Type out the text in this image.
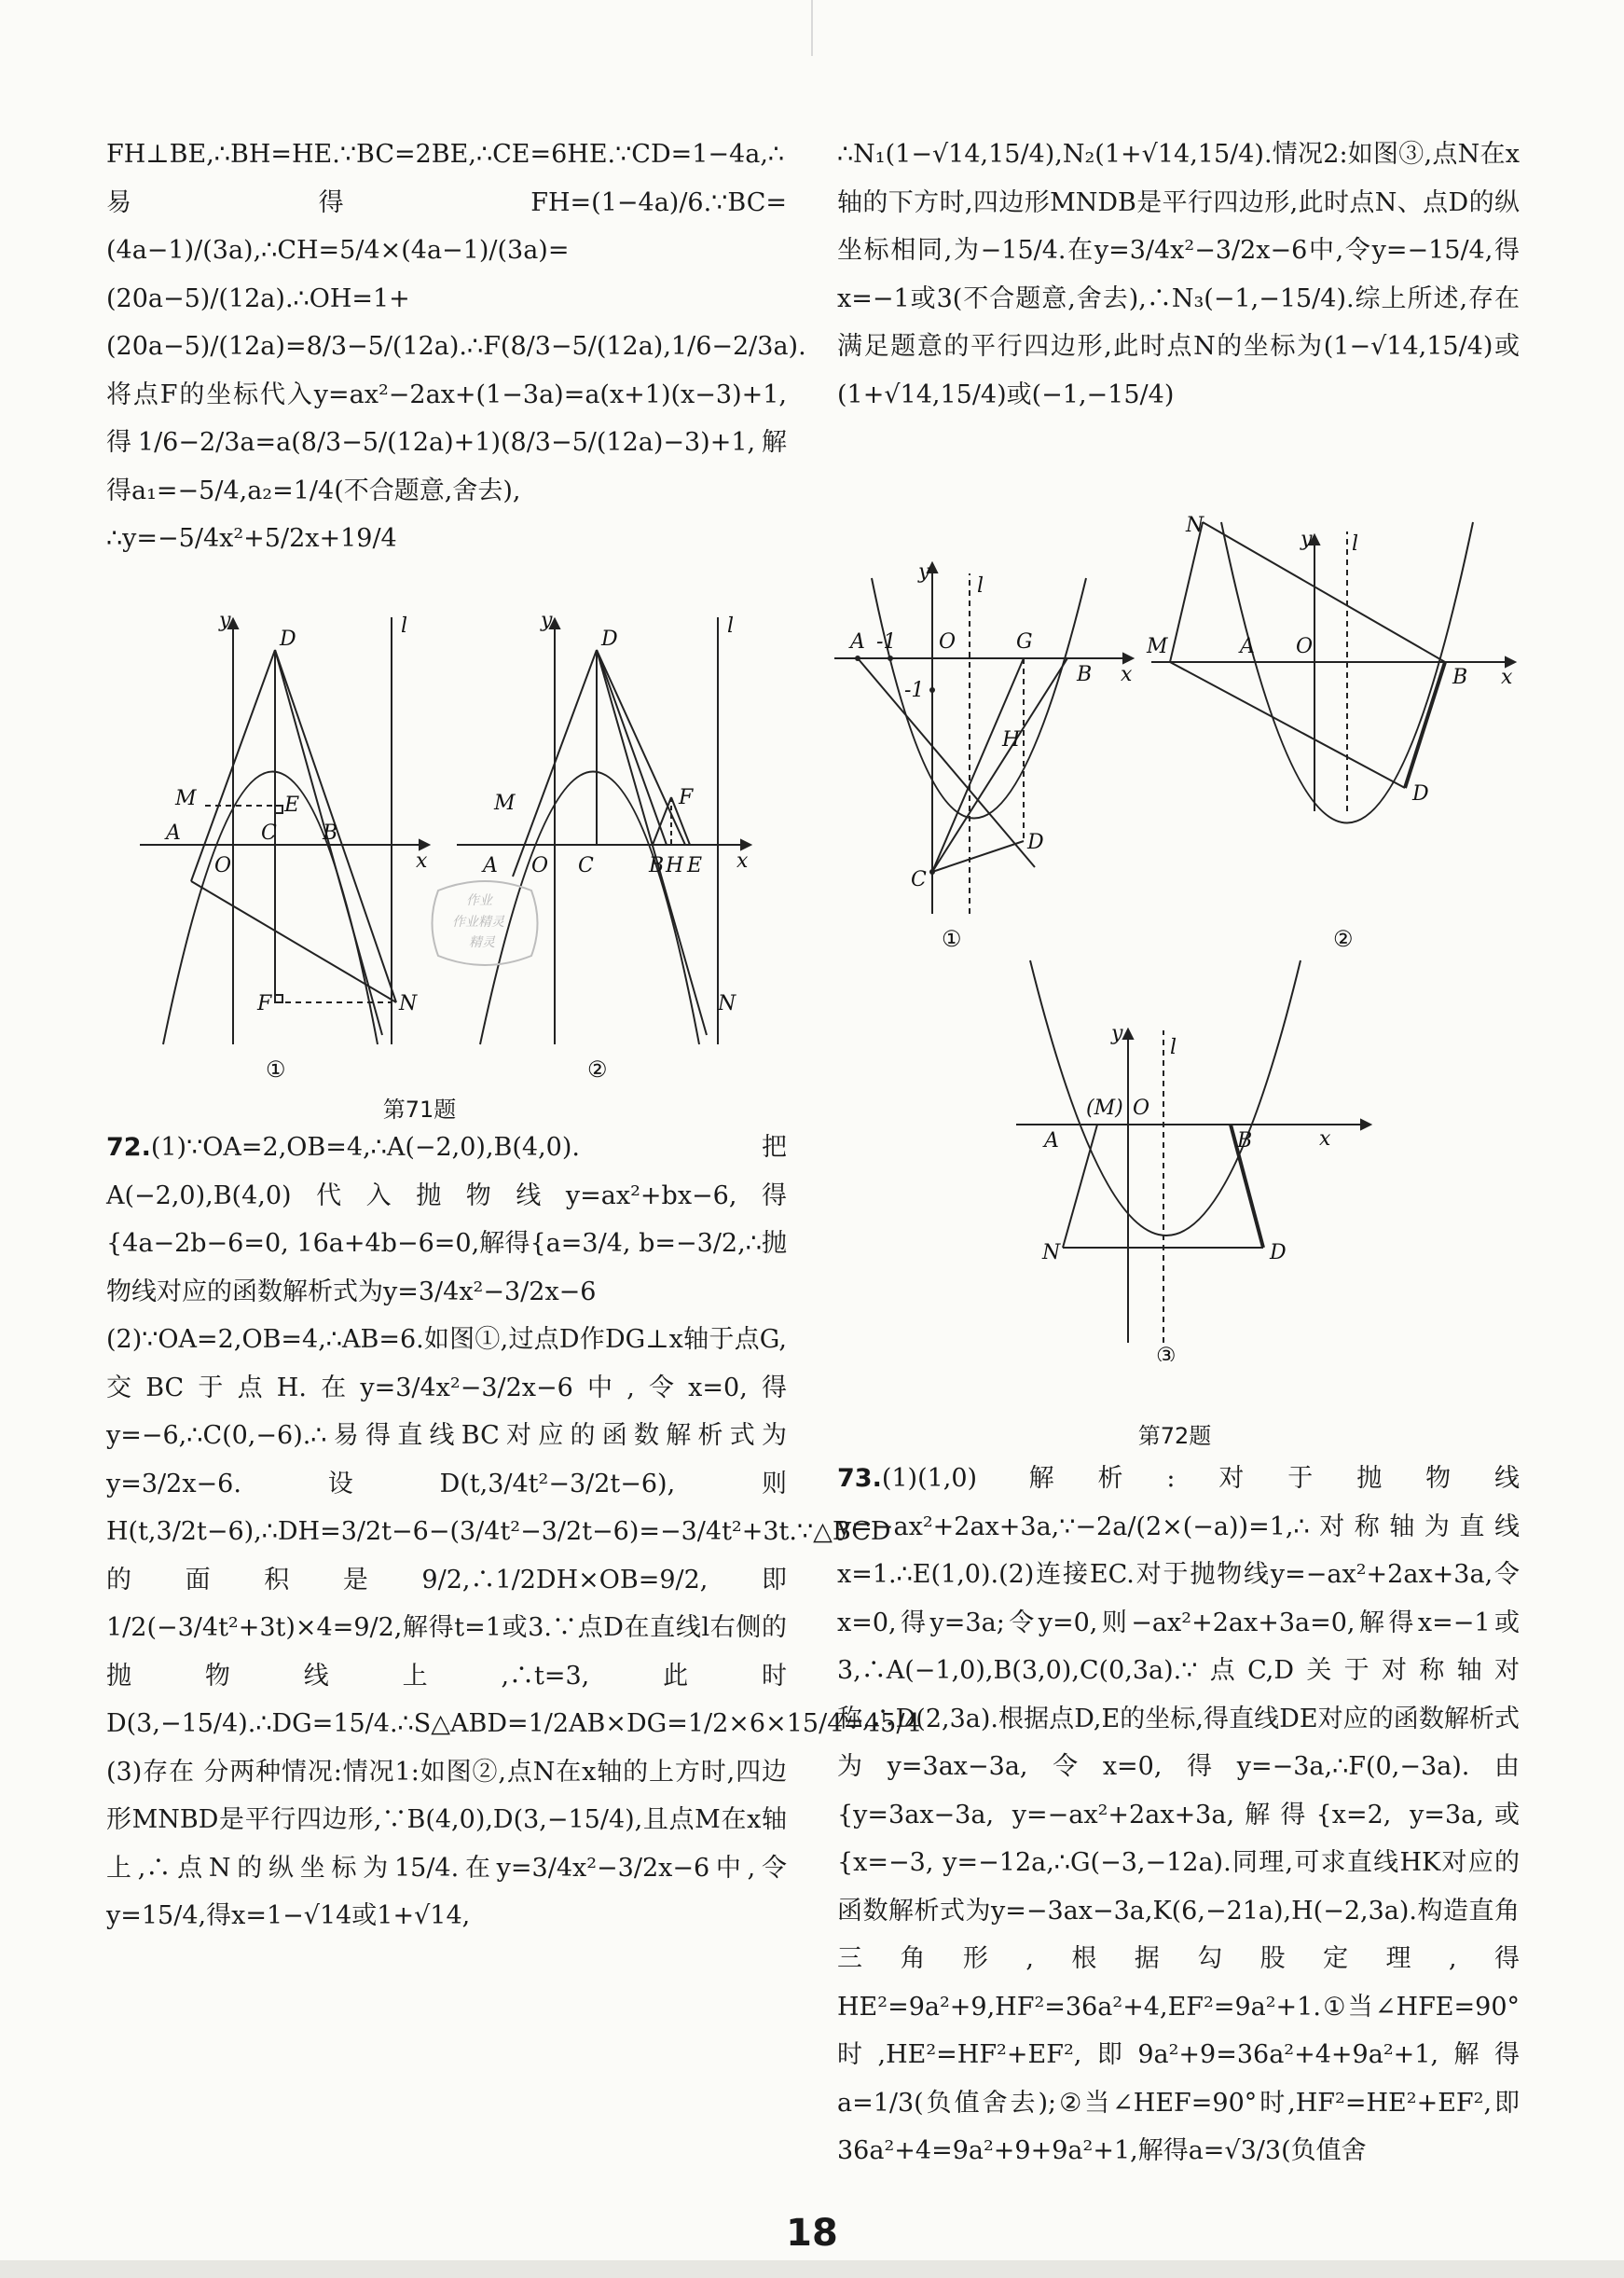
FH⊥BE,∴BH=HE.∵BC=2BE,∴CE=6HE.∵CD=1−4a,∴易得FH=(1−4a)/6.∵BC=(4a−1)/(3a),∴CH=5/4×(4a−1)/(3a)=(20a−5)/(12a).∴OH=1+(20a−5)/(12a)=8/3−5/(12a).∴F(8/3−5/(12a),1/6−2/3a).将点F的坐标代入y=ax²−2ax+(1−3a)=a(x+1)(x−3)+1,得1/6−2/3a=a(8/3−5/(12a)+1)(8/3−5/(12a)−3)+1,解得a₁=−5/4,a₂=1/4(不合题意,舍去),

∴y=−5/4x²+5/2x+19/4

y
D
l
M	E
A	C B
O	x
F	N
y
D
l
M	F
A O C	B H E x
N
①	②
第71题
作业
作业精灵
精灵

72.(1)∵OA=2,OB=4,∴A(−2,0),B(4,0).把A(−2,0),B(4,0)代入抛物线y=ax²+bx−6,得{4a−2b−6=0, 16a+4b−6=0,解得{a=3/4, b=−3/2,∴抛物线对应的函数解析式为y=3/4x²−3/2x−6

(2)∵OA=2,OB=4,∴AB=6.如图①,过点D作DG⊥x轴于点G,交BC于点H.在y=3/4x²−3/2x−6中,令x=0,得y=−6,∴C(0,−6).∴易得直线BC对应的函数解析式为y=3/2x−6.设D(t,3/4t²−3/2t−6),则H(t,3/2t−6),∴DH=3/2t−6−(3/4t²−3/2t−6)=−3/4t²+3t.∵△BCD的面积是9/2,∴1/2DH×OB=9/2,即1/2(−3/4t²+3t)×4=9/2,解得t=1或3.∵点D在直线l右侧的抛物线上,∴t=3,此时D(3,−15/4).∴DG=15/4.∴S△ABD=1/2AB×DG=1/2×6×15/4=45/4

(3)存在 分两种情况:情况1:如图②,点N在x轴的上方时,四边形MNBD是平行四边形,∵B(4,0),D(3,−15/4),且点M在x轴上,∴点N的纵坐标为15/4.在y=3/4x²−3/2x−6中,令y=15/4,得x=1−√14或1+√14,

∴N₁(1−√14,15/4),N₂(1+√14,15/4).情况2:如图③,点N在x轴的下方时,四边形MNDB是平行四边形,此时点N、点D的纵坐标相同,为−15/4.在y=3/4x²−3/2x−6中,令y=−15/4,得x=−1或3(不合题意,舍去),∴N₃(−1,−15/4).综上所述,存在满足题意的平行四边形,此时点N的坐标为(1−√14,15/4)或(1+√14,15/4)或(−1,−15/4)

y
l
A -1 O	G
B x
-1
H
D
C
N
y l
M	A O
B x
D
y
l
(M) O
A	B	x
N	D
①	②
③
第72题

73.(1)(1,0) 解析:对于抛物线y=−ax²+2ax+3a,∵−2a/(2×(−a))=1,∴对称轴为直线x=1.∴E(1,0).(2)连接EC.对于抛物线y=−ax²+2ax+3a,令x=0,得y=3a;令y=0,则−ax²+2ax+3a=0,解得x=−1或3,∴A(−1,0),B(3,0),C(0,3a).∵点C,D关于对称轴对称,∴D(2,3a).根据点D,E的坐标,得直线DE对应的函数解析式为y=3ax−3a,令x=0,得y=−3a,∴F(0,−3a).由{y=3ax−3a, y=−ax²+2ax+3a,解得{x=2, y=3a,或{x=−3, y=−12a,∴G(−3,−12a).同理,可求直线HK对应的函数解析式为y=−3ax−3a,K(6,−21a),H(−2,3a).构造直角三角形,根据勾股定理,得HE²=9a²+9,HF²=36a²+4,EF²=9a²+1.①当∠HFE=90°时,HE²=HF²+EF²,即9a²+9=36a²+4+9a²+1,解得a=1/3(负值舍去);②当∠HEF=90°时,HF²=HE²+EF²,即36a²+4=9a²+9+9a²+1,解得a=√3/3(负值舍

18
